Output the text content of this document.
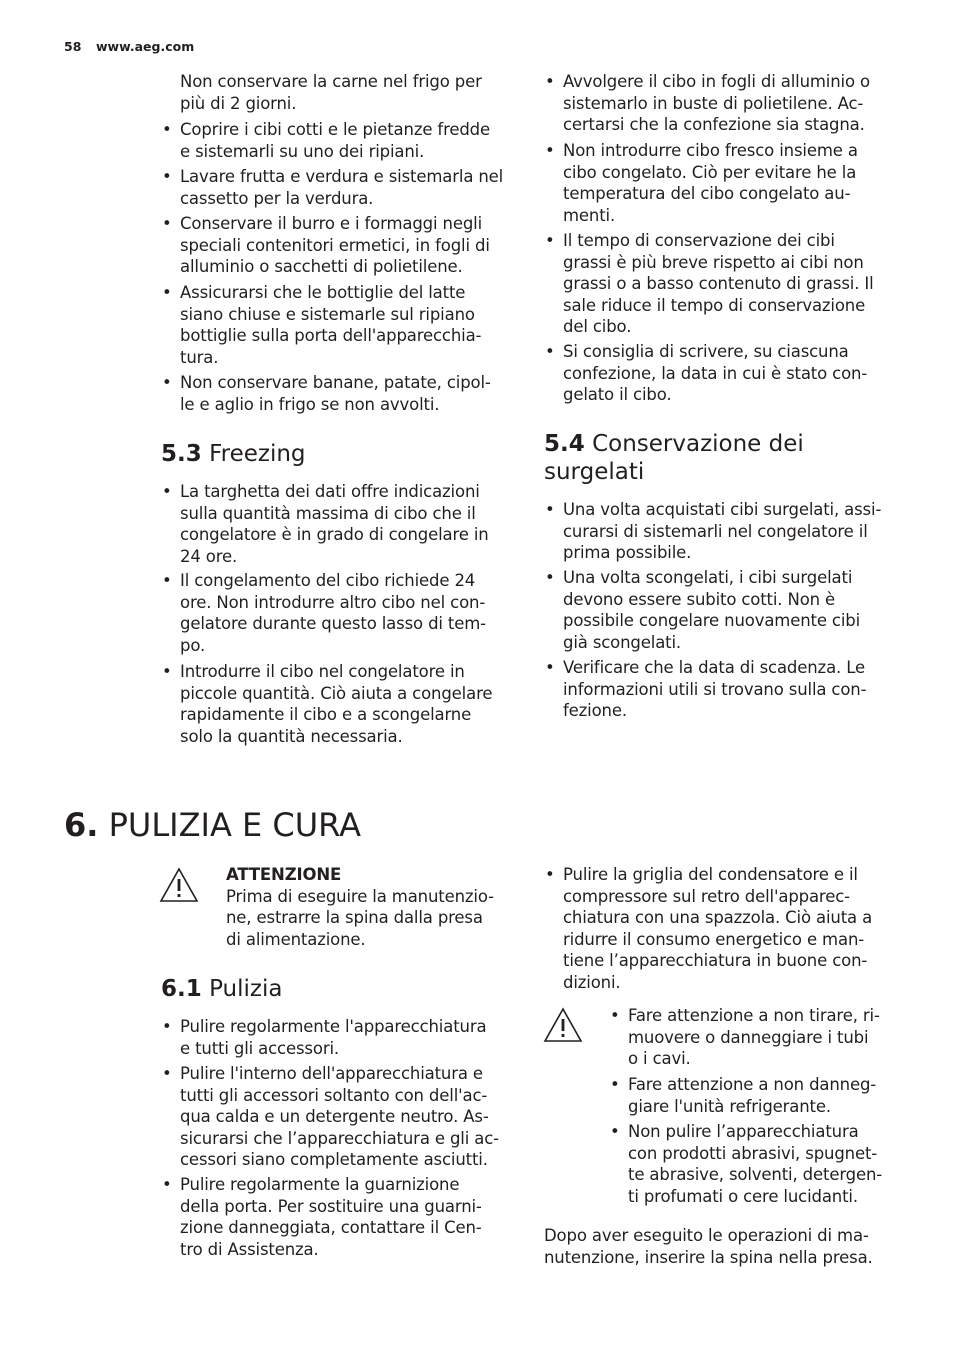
58 www.aeg.com
Non conservare la carne nel frigo per
più di 2 giorni.
• Coprire i cibi cotti e le pietanze fredde
e sistemarli su uno dei ripiani.
• Lavare frutta e verdura e sistemarla nel
cassetto per la verdura.
• Conservare il burro e i formaggi negli
speciali contenitori ermetici, in fogli di
alluminio o sacchetti di polietilene.
• Assicurarsi che le bottiglie del latte
siano chiuse e sistemarle sul ripiano
bottiglie sulla porta dell'apparecchia-
tura.
• Non conservare banane, patate, cipol-
le e aglio in frigo se non avvolti.
5.3 Freezing
• La targhetta dei dati offre indicazioni
sulla quantità massima di cibo che il
congelatore è in grado di congelare in
24 ore.
• Il congelamento del cibo richiede 24
ore. Non introdurre altro cibo nel con-
gelatore durante questo lasso di tem-
po.
• Introdurre il cibo nel congelatore in
piccole quantità. Ciò aiuta a congelare
rapidamente il cibo e a scongelarne
solo la quantità necessaria.
• Avvolgere il cibo in fogli di alluminio o
sistemarlo in buste di polietilene. Ac-
certarsi che la confezione sia stagna.
• Non introdurre cibo fresco insieme a
cibo congelato. Ciò per evitare he la
temperatura del cibo congelato au-
menti.
• Il tempo di conservazione dei cibi
grassi è più breve rispetto ai cibi non
grassi o a basso contenuto di grassi. Il
sale riduce il tempo di conservazione
del cibo.
• Si consiglia di scrivere, su ciascuna
confezione, la data in cui è stato con-
gelato il cibo.
5.4 Conservazione dei
surgelati
• Una volta acquistati cibi surgelati, assi-
curarsi di sistemarli nel congelatore il
prima possibile.
• Una volta scongelati, i cibi surgelati
devono essere subito cotti. Non è
possibile congelare nuovamente cibi
già scongelati.
• Verificare che la data di scadenza. Le
informazioni utili si trovano sulla con-
fezione.
6. PULIZIA E CURA
ATTENZIONE
Prima di eseguire la manutenzio-
ne, estrarre la spina dalla presa
di alimentazione.
6.1 Pulizia
• Pulire regolarmente l'apparecchiatura
e tutti gli accessori.
• Pulire l'interno dell'apparecchiatura e
tutti gli accessori soltanto con dell'ac-
qua calda e un detergente neutro. As-
sicurarsi che l’apparecchiatura e gli ac-
cessori siano completamente asciutti.
• Pulire regolarmente la guarnizione
della porta. Per sostituire una guarni-
zione danneggiata, contattare il Cen-
tro di Assistenza.
• Pulire la griglia del condensatore e il
compressore sul retro dell'apparec-
chiatura con una spazzola. Ciò aiuta a
ridurre il consumo energetico e man-
tiene l’apparecchiatura in buone con-
dizioni.
• Fare attenzione a non tirare, ri-
muovere o danneggiare i tubi
o i cavi.
• Fare attenzione a non danneg-
giare l'unità refrigerante.
• Non pulire l’apparecchiatura
con prodotti abrasivi, spugnet-
te abrasive, solventi, detergen-
ti profumati o cere lucidanti.
Dopo aver eseguito le operazioni di ma-
nutenzione, inserire la spina nella presa.
